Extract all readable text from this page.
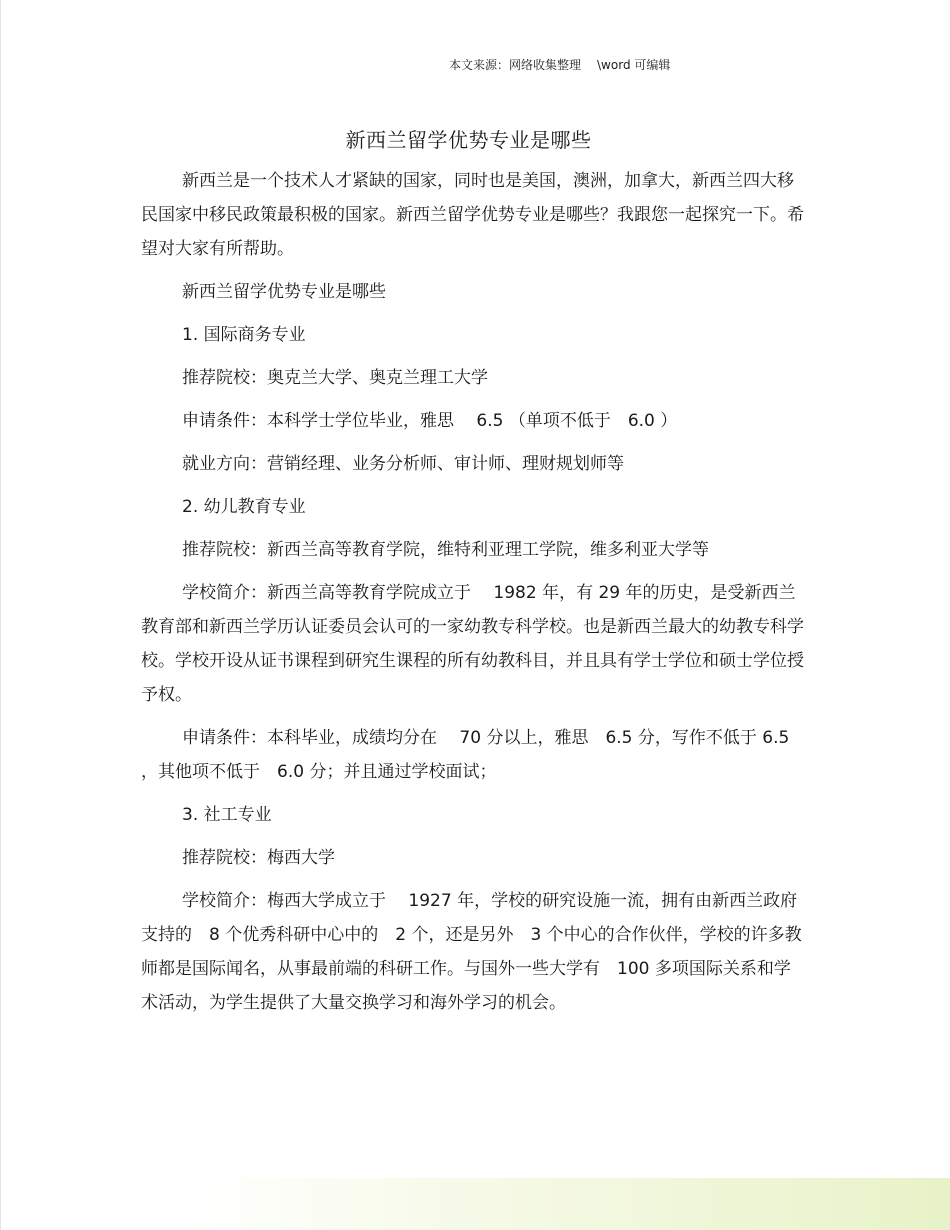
本文来源：网络收集整理 \word 可编辑
新西兰留学优势专业是哪些

新西兰是一个技术人才紧缺的国家，同时也是美国，澳洲，加拿大，新西兰四大移民国家中移民政策最积极的国家。新西兰留学优势专业是哪些？我跟您一起探究一下。希望对大家有所帮助。

新西兰留学优势专业是哪些
1. 国际商务专业
推荐院校：奥克兰大学、奥克兰理工大学
申请条件：本科学士学位毕业，雅思　 6.5 （单项不低于　6.0 ）
就业方向：营销经理、业务分析师、审计师、理财规划师等
2. 幼儿教育专业

推荐院校：新西兰高等教育学院，维特利亚理工学院，维多利亚大学等

学校简介：新西兰高等教育学院成立于　 1982 年，有 29 年的历史，是受新西兰教育部和新西兰学历认证委员会认可的一家幼教专科学校。也是新西兰最大的幼教专科学校。学校开设从证书课程到研究生课程的所有幼教科目，并且具有学士学位和硕士学位授予权。

申请条件：本科毕业，成绩均分在　 70 分以上，雅思　6.5 分，写作不低于 6.5 ，其他项不低于　6.0 分；并且通过学校面试；

3. 社工专业
推荐院校：梅西大学

学校简介：梅西大学成立于　 1927 年，学校的研究设施一流，拥有由新西兰政府支持的　8 个优秀科研中心中的　2 个，还是另外　3 个中心的合作伙伴，学校的许多教师都是国际闻名，从事最前端的科研工作。与国外一些大学有　100 多项国际关系和学术活动，为学生提供了大量交换学习和海外学习的机会。
